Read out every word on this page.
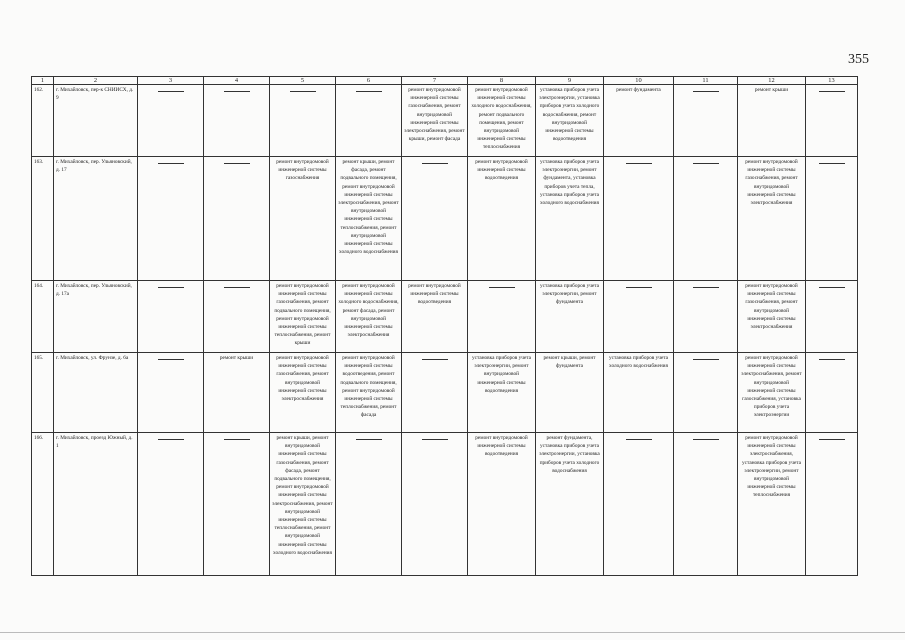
355
1	2	3	4	5	6	7	8	9	10	11	12	13
162.	г. Михайловск, пер-к СНИИСХ, д. 9					ремонт внутридомовой инженерной системы газоснабжения, ремонт внутридомовой инженерной системы электроснабжения, ремонт крыши, ремонт фасада	ремонт внутридомовой инженерной системы холодного водоснабжения, ремонт подвального помещения, ремонт внутридомовой инженерной системы теплоснабжения	установка приборов учета электроэнергии, установка приборов учета холодного водоснабжения, ремонт внутридомовой инженерной системы водоотведения	ремонт фундамента		ремонт крыши	

163.	г. Михайловск, пер. Ульяновский, д. 17			ремонт внутридомовой инженерной системы газоснабжения	ремонт крыши, ремонт фасада, ремонт подвального помещения, ремонт внутридомовой инженерной системы электроснабжения, ремонт внутридомовой инженерной системы теплоснабжения, ремонт внутридомовой инженерной системы холодного водоснабжения		ремонт внутридомовой инженерной системы водоотведения	установка приборов учета электроэнергии, ремонт фундамента, установка приборов учета тепла, установка приборов учета холодного водоснабжения			ремонт внутридомовой инженерной системы газоснабжения, ремонт внутридомовой инженерной системы электроснабжения	

164.	г. Михайловск, пер. Ульяновский, д. 17а			ремонт внутридомовой инженерной системы газоснабжения, ремонт подвального помещения, ремонт внутридомовой инженерной системы теплоснабжения, ремонт крыши	ремонт внутридомовой инженерной системы холодного водоснабжения, ремонт фасада, ремонт внутридомовой инженерной системы электроснабжения	ремонт внутридомовой инженерной системы водоотведения		установка приборов учета электроэнергии, ремонт фундамента			ремонт внутридомовой инженерной системы газоснабжения, ремонт внутридомовой инженерной системы электроснабжения	

165.	г. Михайловск, ул. Фрунзе, д. 6а		ремонт крыши	ремонт внутридомовой инженерной системы газоснабжения, ремонт внутридомовой инженерной системы электроснабжения	ремонт внутридомовой инженерной системы водоотведения, ремонт подвального помещения, ремонт внутридомовой инженерной системы теплоснабжения, ремонт фасада		установка приборов учета электроэнергии, ремонт внутридомовой инженерной системы водоотведения	ремонт крыши, ремонт фундамента	установка приборов учета холодного водоснабжения		ремонт внутридомовой инженерной системы электроснабжения, ремонт внутридомовой инженерной системы газоснабжения, установка приборов учета электроэнергии	

166.	г. Михайловск, проезд Южный, д. 1			ремонт крыши, ремонт внутридомовой инженерной системы газоснабжения, ремонт фасада, ремонт подвального помещения, ремонт внутридомовой инженерной системы электроснабжения, ремонт внутридомовой инженерной системы теплоснабжения, ремонт внутридомовой инженерной системы холодного водоснабжения			ремонт внутридомовой инженерной системы водоотведения	ремонт фундамента, установка приборов учета электроэнергии, установка приборов учета холодного водоснабжения			ремонт внутридомовой инженерной системы электроснабжения, установка приборов учета электроэнергии, ремонт внутридомовой инженерной системы теплоснабжения	
